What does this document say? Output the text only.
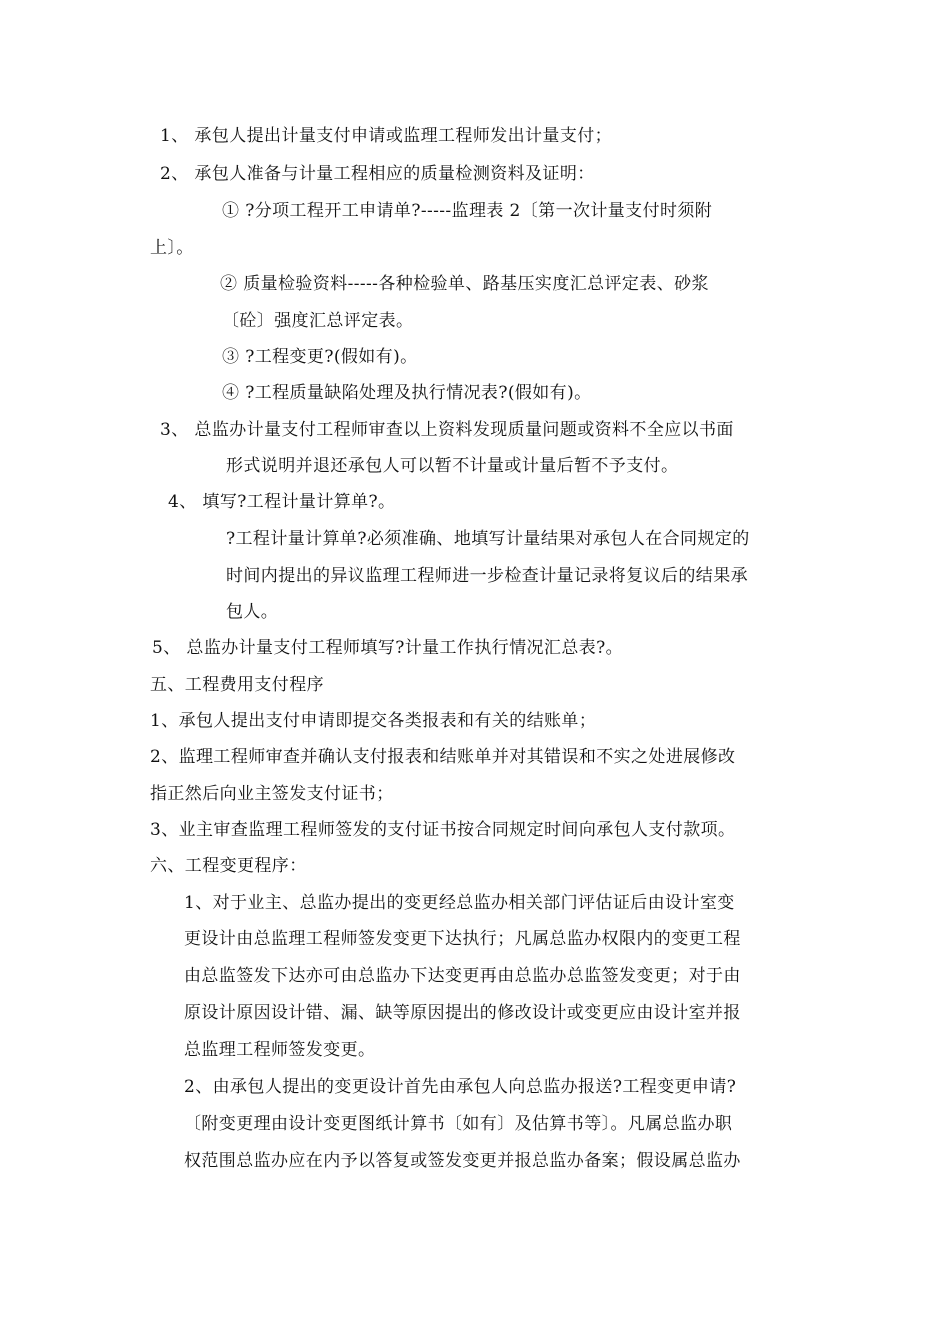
1、 承包人提出计量支付申请或监理工程师发出计量支付；
2、 承包人准备与计量工程相应的质量检测资料及证明：
① ?分项工程开工申请单?-----监理表 2〔第一次计量支付时须附
上〕。
② 质量检验资料-----各种检验单、路基压实度汇总评定表、砂浆
〔砼〕强度汇总评定表。
③ ?工程变更?(假如有)。
④ ?工程质量缺陷处理及执行情况表?(假如有)。
3、 总监办计量支付工程师审查以上资料发现质量问题或资料不全应以书面
形式说明并退还承包人可以暂不计量或计量后暂不予支付。
4、 填写?工程计量计算单?。
?工程计量计算单?必须准确、地填写计量结果对承包人在合同规定的
时间内提出的异议监理工程师进一步检查计量记录将复议后的结果承
包人。
5、 总监办计量支付工程师填写?计量工作执行情况汇总表?。
五、工程费用支付程序
1、承包人提出支付申请即提交各类报表和有关的结账单；
2、监理工程师审查并确认支付报表和结账单并对其错误和不实之处进展修改
指正然后向业主签发支付证书；
3、业主审查监理工程师签发的支付证书按合同规定时间向承包人支付款项。
六、工程变更程序：
1、对于业主、总监办提出的变更经总监办相关部门评估证后由设计室变
更设计由总监理工程师签发变更下达执行；凡属总监办权限内的变更工程
由总监签发下达亦可由总监办下达变更再由总监办总监签发变更；对于由
原设计原因设计错、漏、缺等原因提出的修改设计或变更应由设计室并报
总监理工程师签发变更。
2、由承包人提出的变更设计首先由承包人向总监办报送?工程变更申请?
〔附变更理由设计变更图纸计算书〔如有〕及估算书等〕。凡属总监办职
权范围总监办应在内予以答复或签发变更并报总监办备案；假设属总监办
